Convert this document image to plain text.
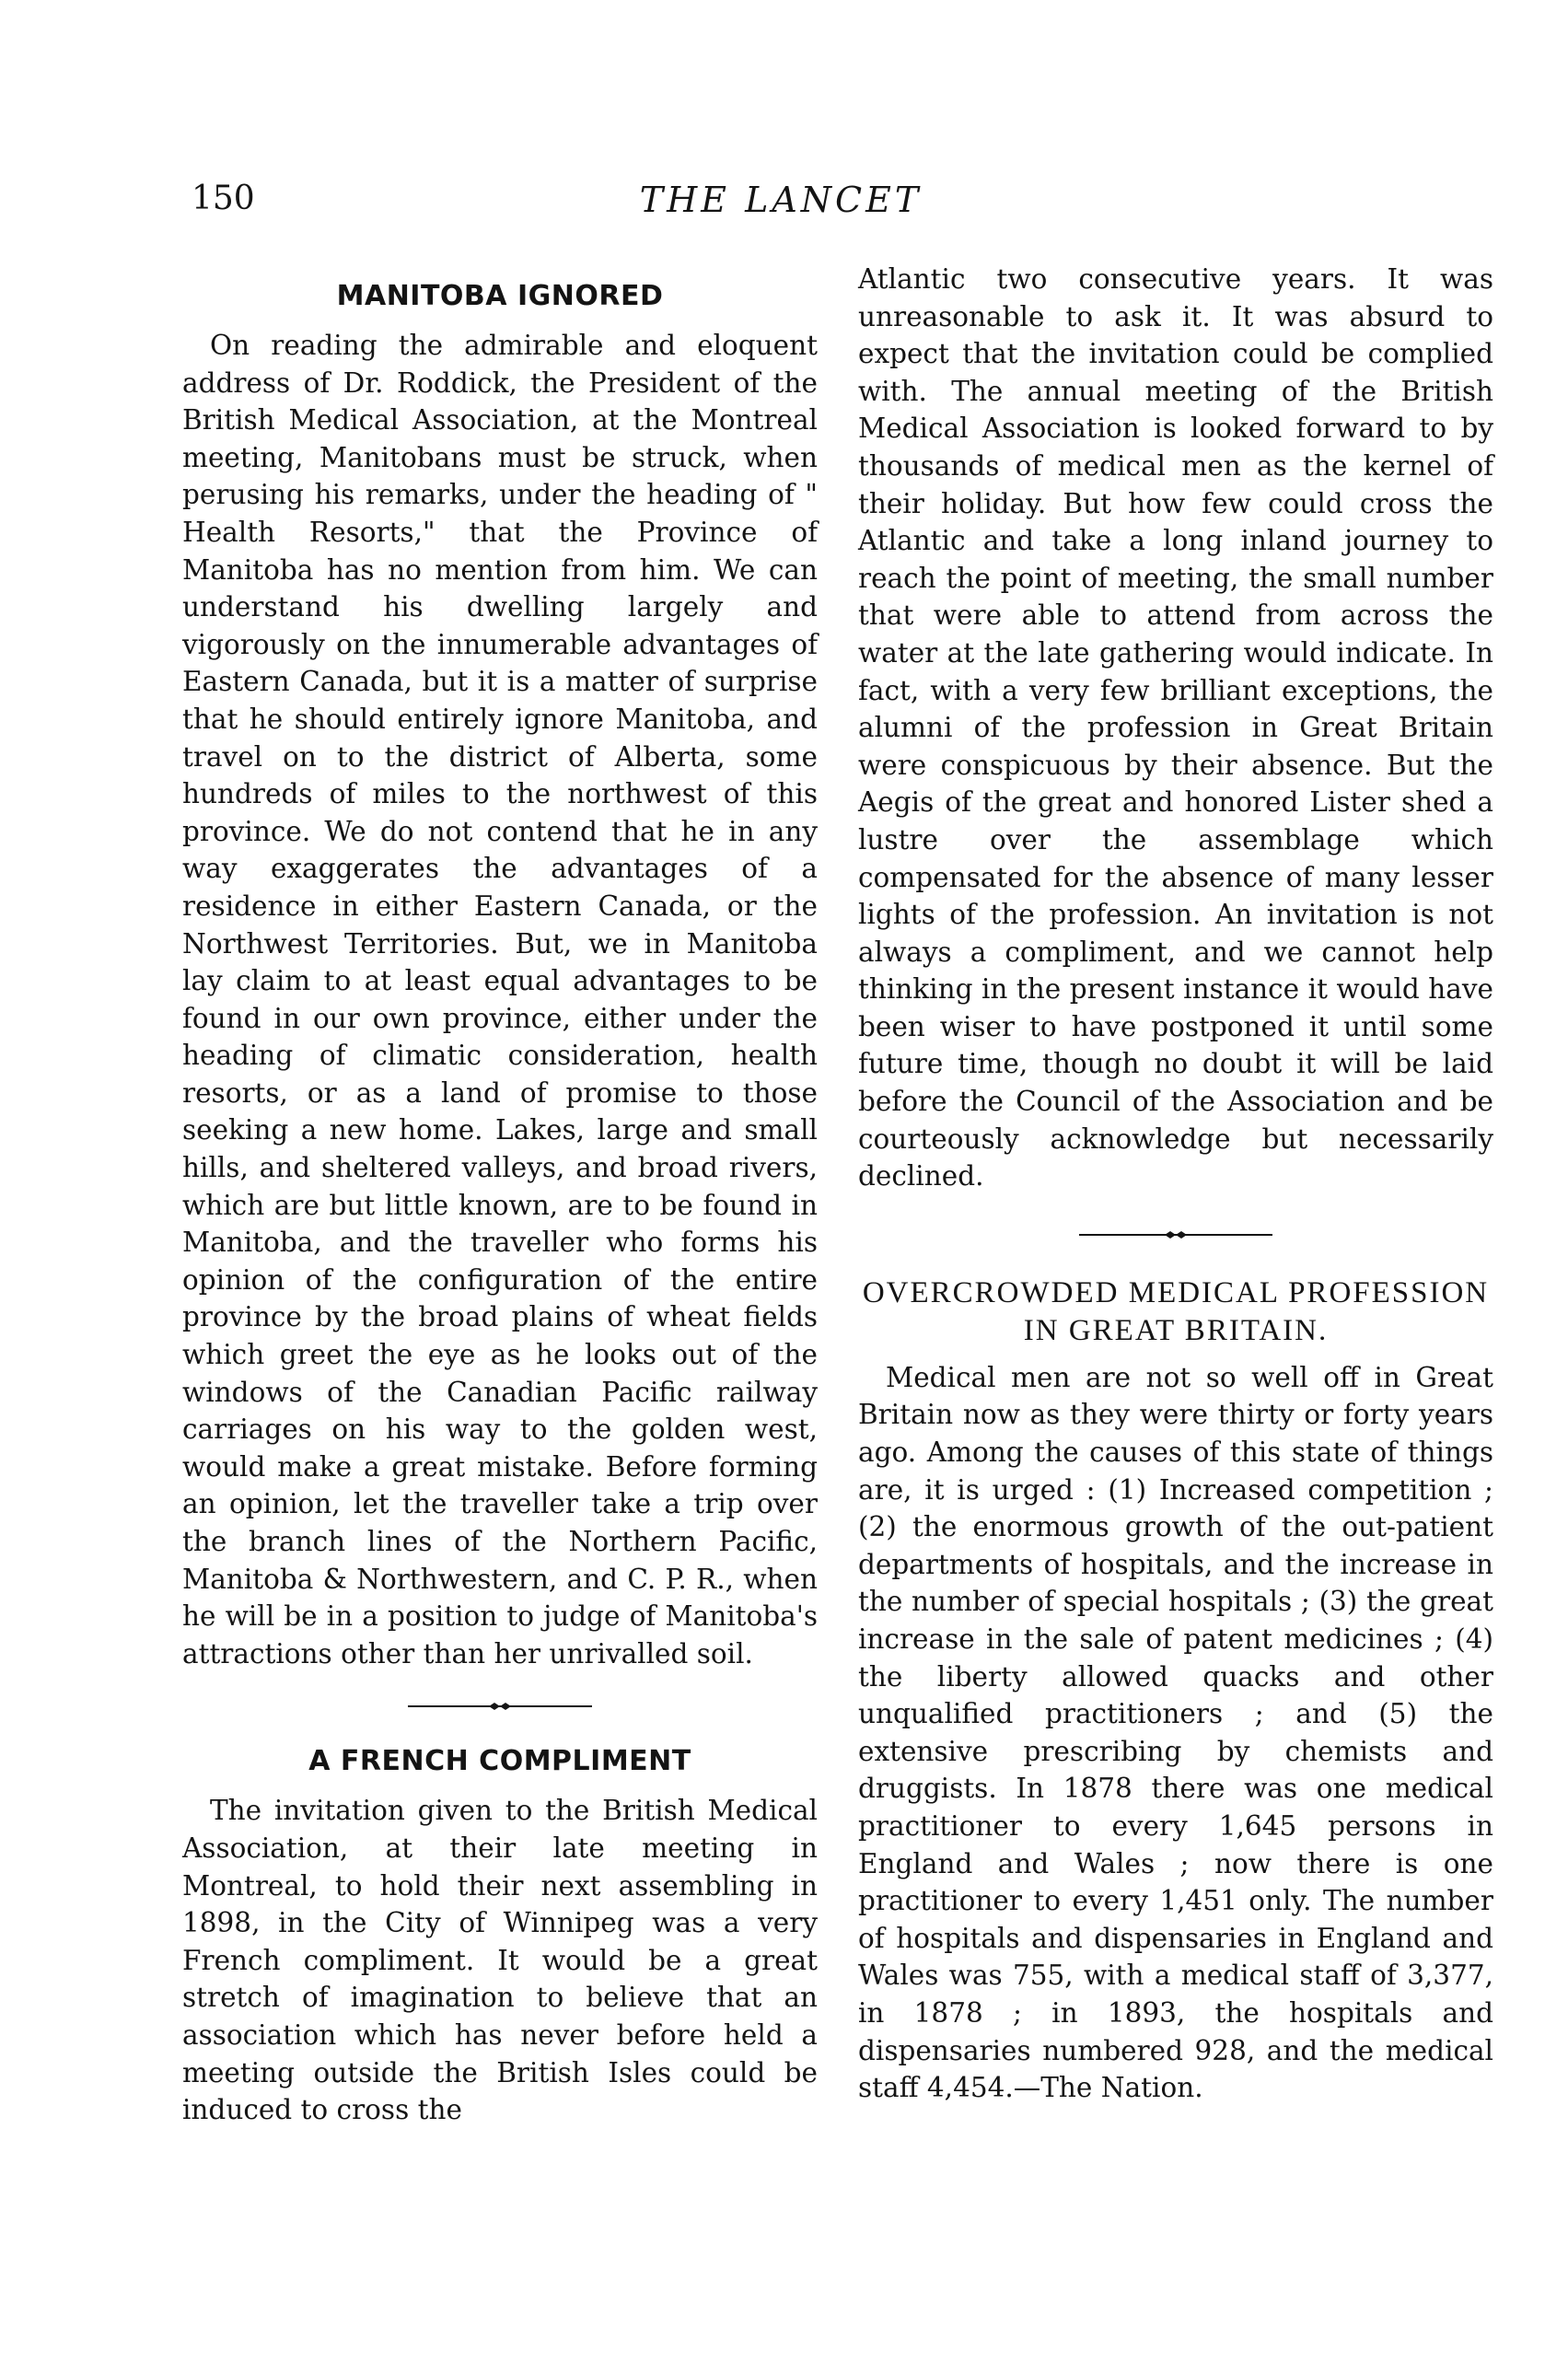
150	THE LANCET
MANITOBA IGNORED

On reading the admirable and eloquent address of Dr. Roddick, the President of the British Medical Association, at the Montreal meeting, Manitobans must be struck, when perusing his remarks, under the heading of " Health Resorts," that the Province of Manitoba has no mention from him. We can understand his dwelling largely and vigorously on the innumerable advantages of Eastern Canada, but it is a matter of surprise that he should entirely ignore Manitoba, and travel on to the district of Alberta, some hundreds of miles to the northwest of this province. We do not contend that he in any way exaggerates the advantages of a residence in either Eastern Canada, or the Northwest Territories. But, we in Manitoba lay claim to at least equal advantages to be found in our own province, either under the heading of climatic consideration, health resorts, or as a land of promise to those seeking a new home. Lakes, large and small hills, and sheltered valleys, and broad rivers, which are but little known, are to be found in Manitoba, and the traveller who forms his opinion of the configuration of the entire province by the broad plains of wheat fields which greet the eye as he looks out of the windows of the Canadian Pacific railway carriages on his way to the golden west, would make a great mistake. Before forming an opinion, let the traveller take a trip over the branch lines of the Northern Pacific, Manitoba & Northwestern, and C. P. R., when he will be in a position to judge of Manitoba's attractions other than her unrivalled soil.

A FRENCH COMPLIMENT

The invitation given to the British Medical Association, at their late meeting in Montreal, to hold their next assembling in 1898, in the City of Winnipeg was a very French compliment. It would be a great stretch of imagination to believe that an association which has never before held a meeting outside the British Isles could be induced to cross the

Atlantic two consecutive years. It was unreasonable to ask it. It was absurd to expect that the invitation could be complied with. The annual meeting of the British Medical Association is looked forward to by thousands of medical men as the kernel of their holiday. But how few could cross the Atlantic and take a long inland journey to reach the point of meeting, the small number that were able to attend from across the water at the late gathering would indicate. In fact, with a very few brilliant exceptions, the alumni of the profession in Great Britain were conspicuous by their absence. But the Aegis of the great and honored Lister shed a lustre over the assemblage which compensated for the absence of many lesser lights of the profession. An invitation is not always a compliment, and we cannot help thinking in the present instance it would have been wiser to have postponed it until some future time, though no doubt it will be laid before the Council of the Association and be courteously acknowledge but necessarily declined.

OVERCROWDED MEDICAL PROFESSION IN GREAT BRITAIN.

Medical men are not so well off in Great Britain now as they were thirty or forty years ago. Among the causes of this state of things are, it is urged : (1) Increased competition ; (2) the enormous growth of the out-patient departments of hospitals, and the increase in the number of special hospitals ; (3) the great increase in the sale of patent medicines ; (4) the liberty allowed quacks and other unqualified practitioners ; and (5) the extensive prescribing by chemists and druggists. In 1878 there was one medical practitioner to every 1,645 persons in England and Wales ; now there is one practitioner to every 1,451 only. The number of hospitals and dispensaries in England and Wales was 755, with a medical staff of 3,377, in 1878 ; in 1893, the hospitals and dispensaries numbered 928, and the medical staff 4,454.—The Nation.
